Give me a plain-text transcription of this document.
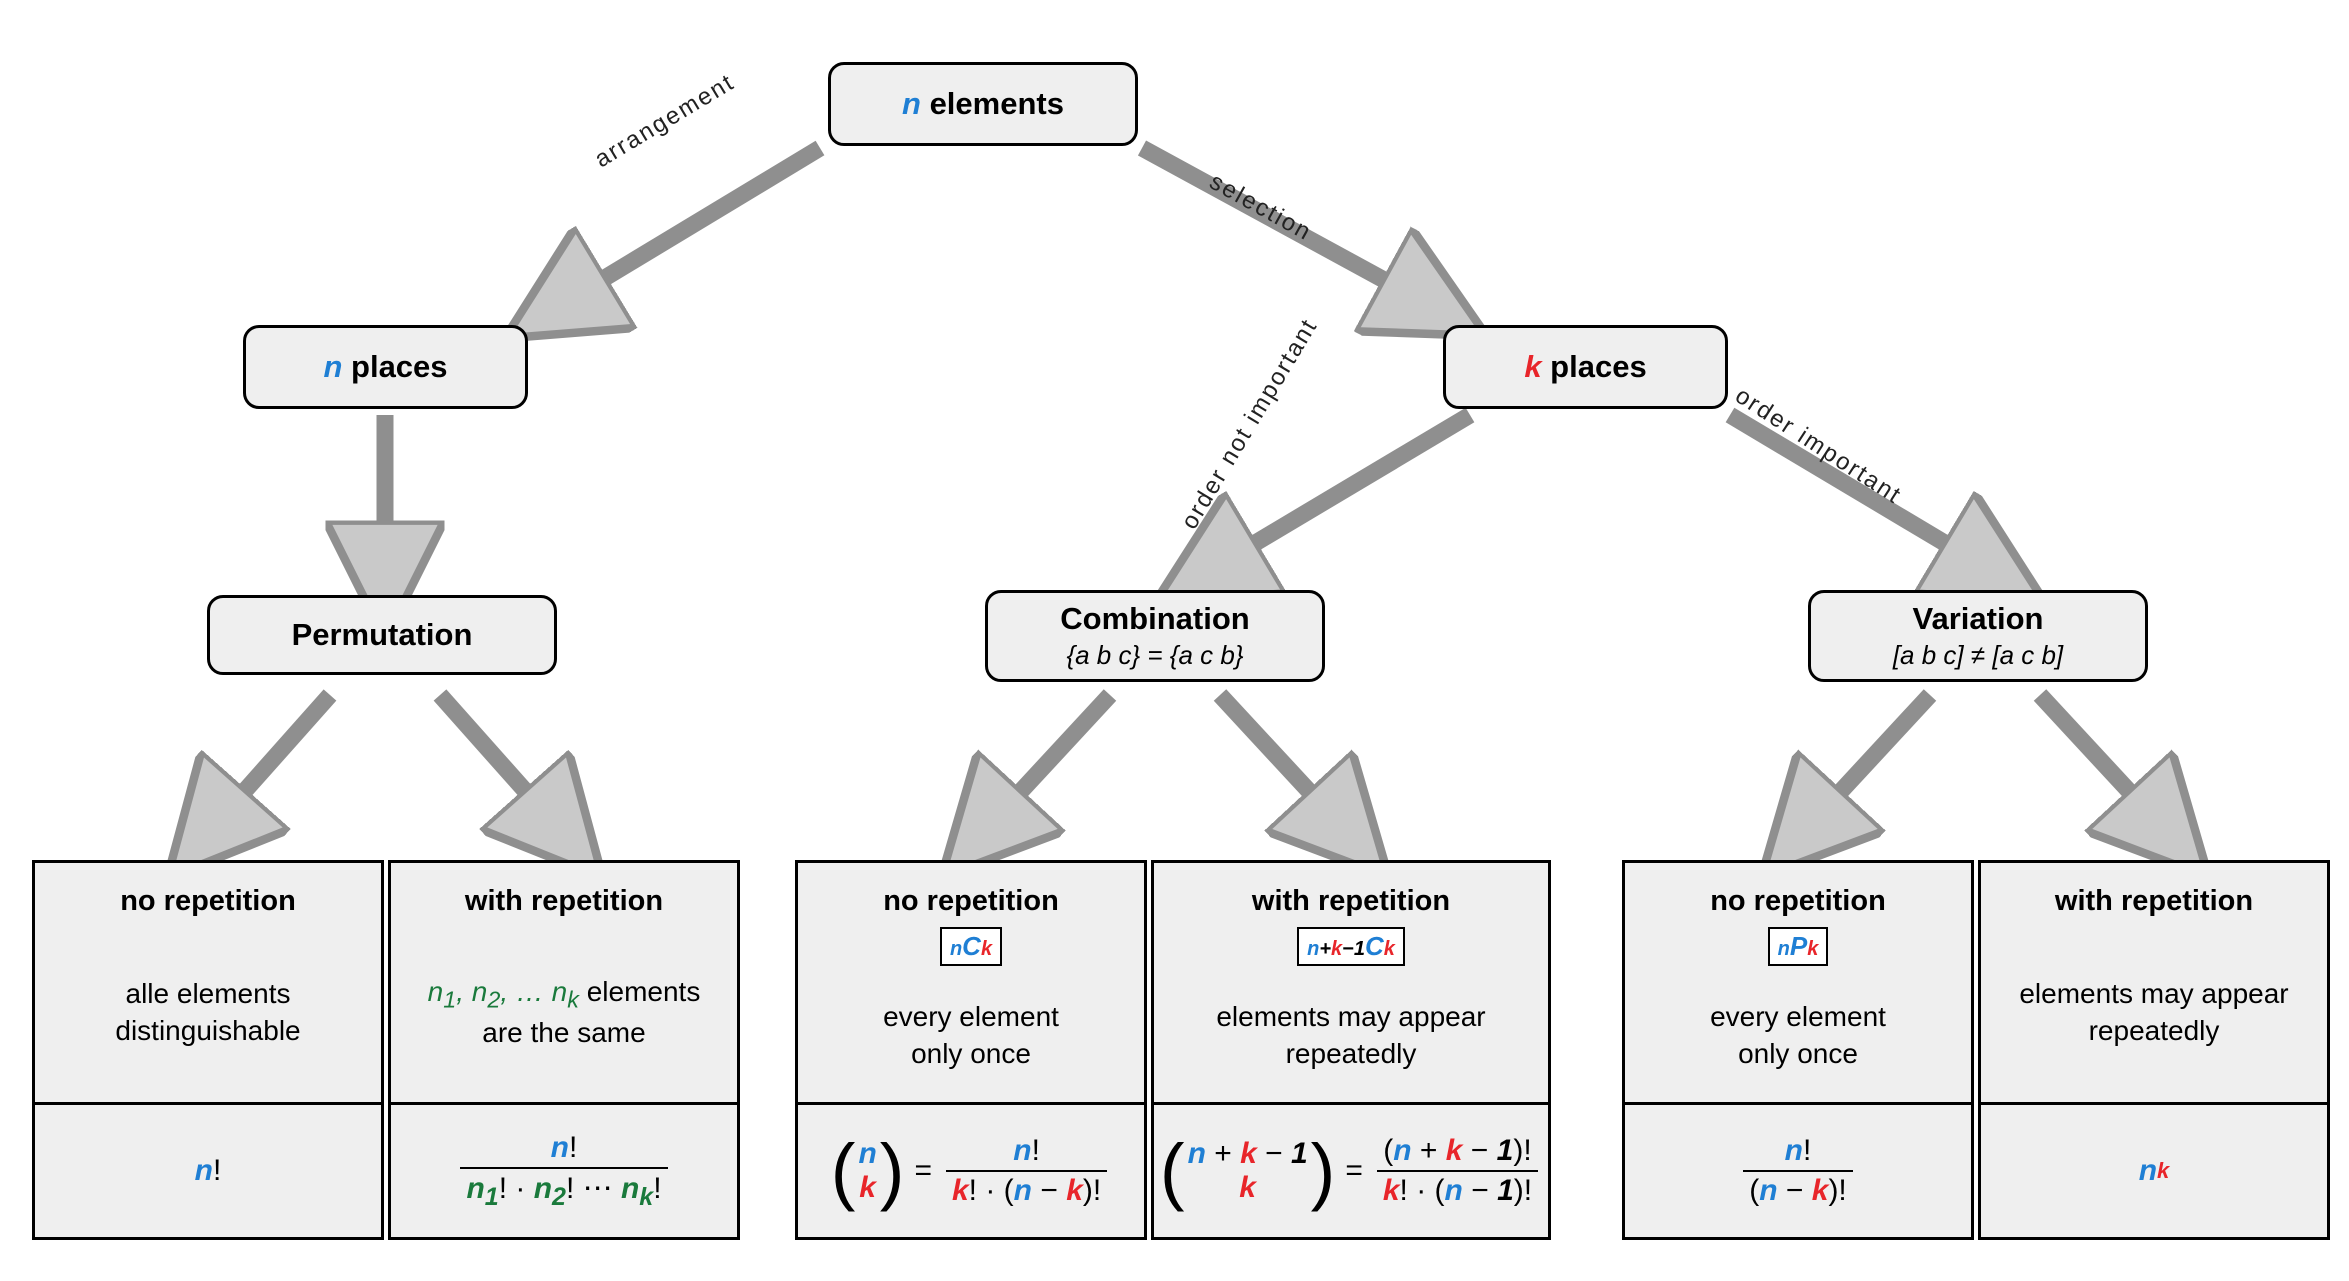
arrangement
selection
order not important	order important
n elements
n places	k places
Permutation	Combination
{a b c} = {a c b}
Variation
[a b c] ≠ [a c b]
no repetition
alle elements
distinguishable
n !
with repetition
$n_1$, $n_2$, … $n_k$ elements
are the same
$\frac{n!}{n_1! \cdot n_2! \cdots n_k!}$
no repetition
nCk
every element
only once
( n
k ) = $\frac{n!}{k! \cdot (n - k)!}$
with repetition
n+k−1Ck
elements may appear
repeatedly
( n + k − 1
k ) = $\frac{(n + k - 1)!}{k! \cdot (n - 1)!}$
no repetition
nPk
every element
only once
$\frac{n!}{(n - k)!}$
with repetition
elements may appear
repeatedly
n k
